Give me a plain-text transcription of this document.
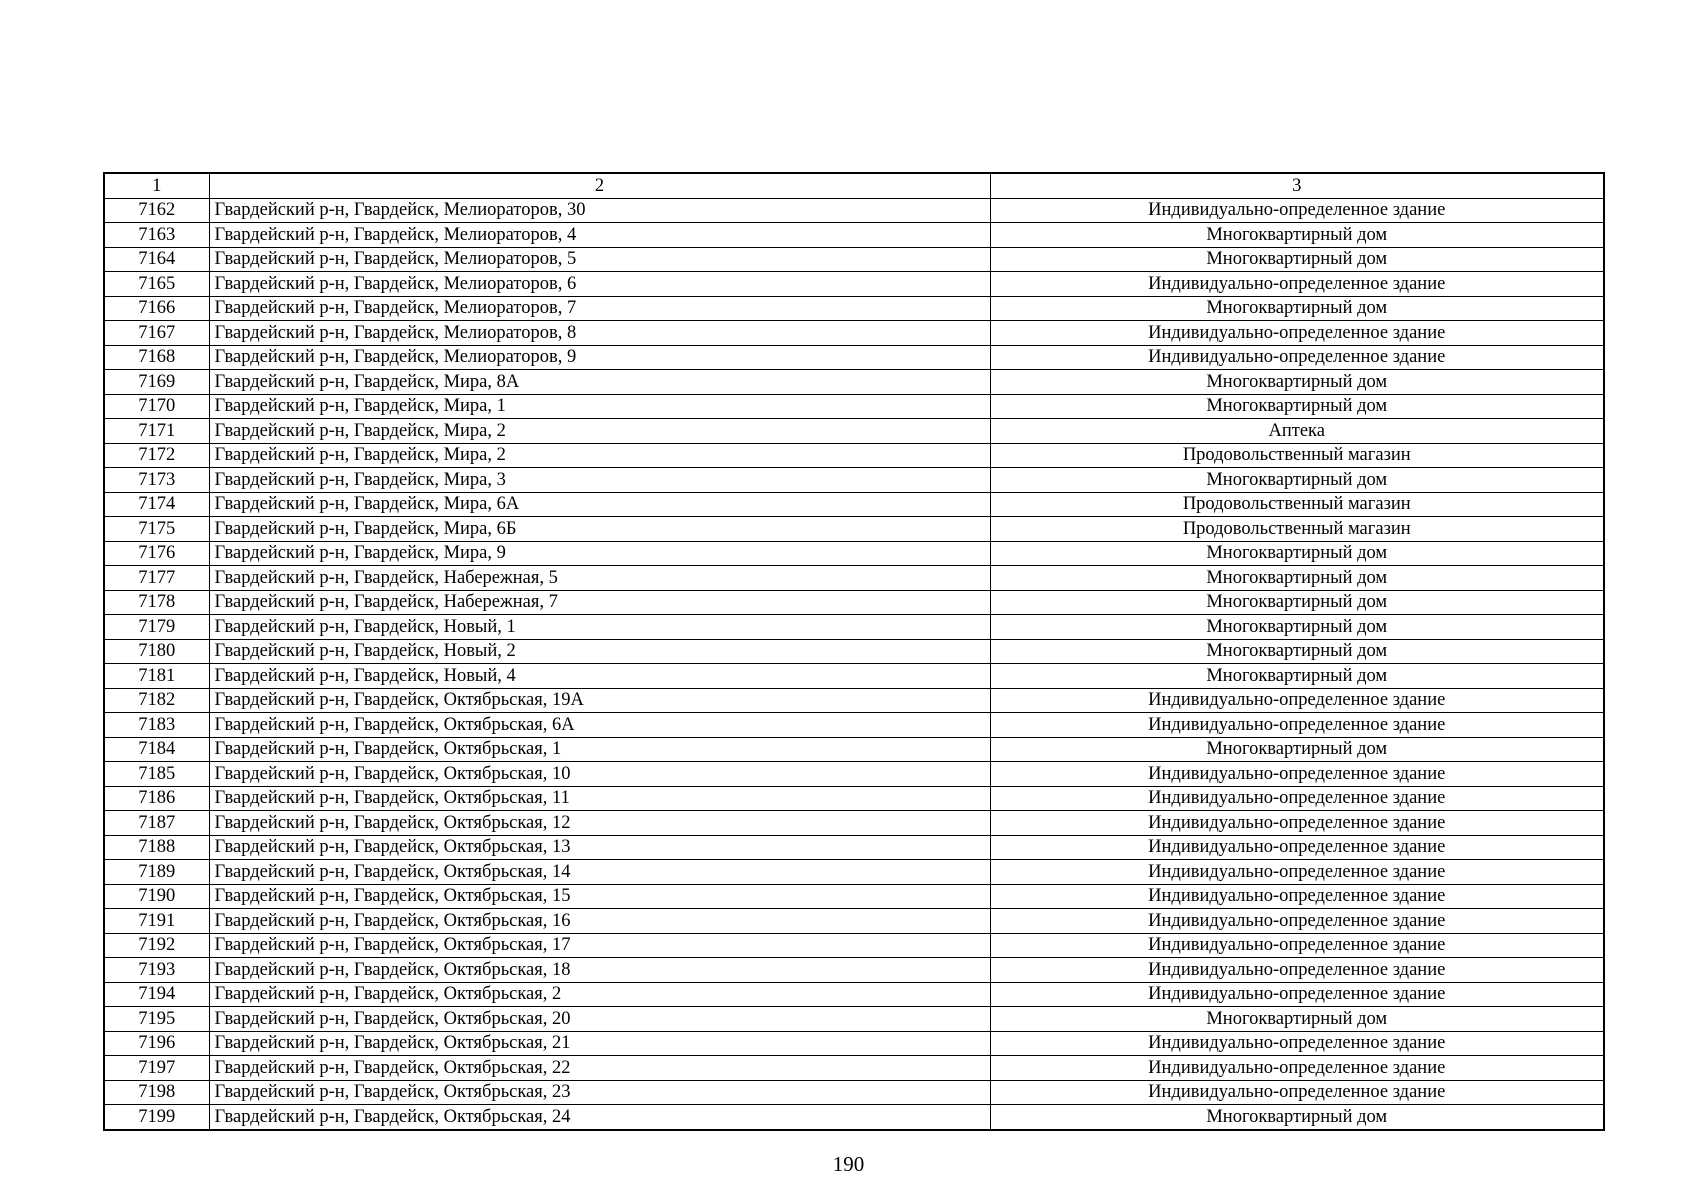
1	2	3
7162	Гвардейский р-н, Гвардейск, Мелиораторов, 30	Индивидуально-определенное здание
7163	Гвардейский р-н, Гвардейск, Мелиораторов, 4	Многоквартирный дом
7164	Гвардейский р-н, Гвардейск, Мелиораторов, 5	Многоквартирный дом
7165	Гвардейский р-н, Гвардейск, Мелиораторов, 6	Индивидуально-определенное здание
7166	Гвардейский р-н, Гвардейск, Мелиораторов, 7	Многоквартирный дом
7167	Гвардейский р-н, Гвардейск, Мелиораторов, 8	Индивидуально-определенное здание
7168	Гвардейский р-н, Гвардейск, Мелиораторов, 9	Индивидуально-определенное здание
7169	Гвардейский р-н, Гвардейск, Мира, 8А	Многоквартирный дом
7170	Гвардейский р-н, Гвардейск, Мира, 1	Многоквартирный дом
7171	Гвардейский р-н, Гвардейск, Мира, 2	Аптека
7172	Гвардейский р-н, Гвардейск, Мира, 2	Продовольственный магазин
7173	Гвардейский р-н, Гвардейск, Мира, 3	Многоквартирный дом
7174	Гвардейский р-н, Гвардейск, Мира, 6А	Продовольственный магазин
7175	Гвардейский р-н, Гвардейск, Мира, 6Б	Продовольственный магазин
7176	Гвардейский р-н, Гвардейск, Мира, 9	Многоквартирный дом
7177	Гвардейский р-н, Гвардейск, Набережная, 5	Многоквартирный дом
7178	Гвардейский р-н, Гвардейск, Набережная, 7	Многоквартирный дом
7179	Гвардейский р-н, Гвардейск, Новый, 1	Многоквартирный дом
7180	Гвардейский р-н, Гвардейск, Новый, 2	Многоквартирный дом
7181	Гвардейский р-н, Гвардейск, Новый, 4	Многоквартирный дом
7182	Гвардейский р-н, Гвардейск, Октябрьская, 19А	Индивидуально-определенное здание
7183	Гвардейский р-н, Гвардейск, Октябрьская, 6А	Индивидуально-определенное здание
7184	Гвардейский р-н, Гвардейск, Октябрьская, 1	Многоквартирный дом
7185	Гвардейский р-н, Гвардейск, Октябрьская, 10	Индивидуально-определенное здание
7186	Гвардейский р-н, Гвардейск, Октябрьская, 11	Индивидуально-определенное здание
7187	Гвардейский р-н, Гвардейск, Октябрьская, 12	Индивидуально-определенное здание
7188	Гвардейский р-н, Гвардейск, Октябрьская, 13	Индивидуально-определенное здание
7189	Гвардейский р-н, Гвардейск, Октябрьская, 14	Индивидуально-определенное здание
7190	Гвардейский р-н, Гвардейск, Октябрьская, 15	Индивидуально-определенное здание
7191	Гвардейский р-н, Гвардейск, Октябрьская, 16	Индивидуально-определенное здание
7192	Гвардейский р-н, Гвардейск, Октябрьская, 17	Индивидуально-определенное здание
7193	Гвардейский р-н, Гвардейск, Октябрьская, 18	Индивидуально-определенное здание
7194	Гвардейский р-н, Гвардейск, Октябрьская, 2	Индивидуально-определенное здание
7195	Гвардейский р-н, Гвардейск, Октябрьская, 20	Многоквартирный дом
7196	Гвардейский р-н, Гвардейск, Октябрьская, 21	Индивидуально-определенное здание
7197	Гвардейский р-н, Гвардейск, Октябрьская, 22	Индивидуально-определенное здание
7198	Гвардейский р-н, Гвардейск, Октябрьская, 23	Индивидуально-определенное здание
7199	Гвардейский р-н, Гвардейск, Октябрьская, 24	Многоквартирный дом
190
